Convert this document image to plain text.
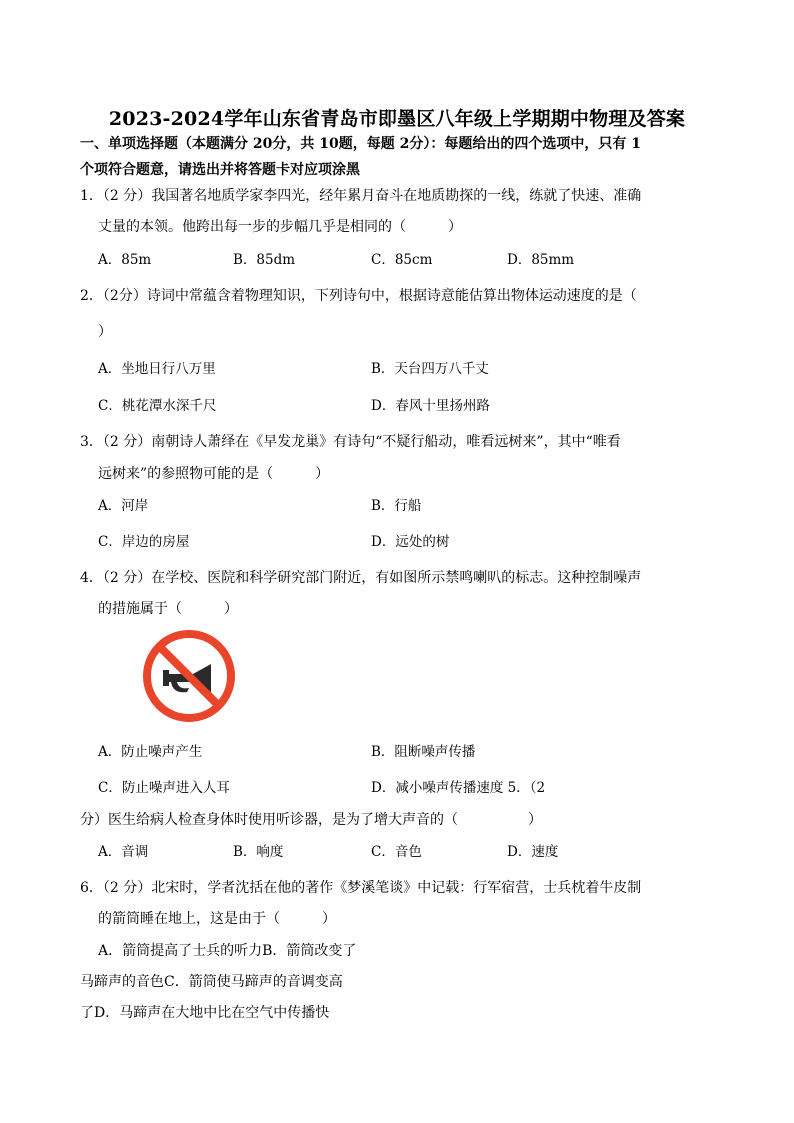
2023-2024学年山东省青岛市即墨区八年级上学期期中物理及答案
一、单项选择题（本题满分 20分，共 10题，每题 2分）：每题给出的四个选项中，只有 1
个项符合题意，请选出并将答题卡对应项涂黑
1．（2 分）我国著名地质学家李四光，经年累月奋斗在地质勘探的一线，练就了快速、准确
丈量的本领。他跨出每一步的步幅几乎是相同的（　　　）
A．85m	B．85dm	C．85cm	D．85mm
2．（2分）诗词中常蕴含着物理知识，下列诗句中，根据诗意能估算出物体运动速度的是（
）
A．坐地日行八万里	B．天台四万八千丈
C．桃花潭水深千尺	D．春风十里扬州路
3．（2 分）南朝诗人萧绎在《早发龙巢》有诗句“不疑行船动，唯看远树来”，其中“唯看
远树来”的参照物可能的是（　　　）
A．河岸	B．行船
C．岸边的房屋	D．远处的树
4．（2 分）在学校、医院和科学研究部门附近，有如图所示禁鸣喇叭的标志。这种控制噪声
的措施属于（　　　）
A．防止噪声产生	B．阻断噪声传播
C．防止噪声进入人耳	D．减小噪声传播速度 5．（2
分）医生给病人检查身体时使用听诊器，是为了增大声音的（　　　　　）
A．音调	B．响度	C．音色	D．速度
6．（2 分）北宋时，学者沈括在他的著作《梦溪笔谈》中记载：行军宿营，士兵枕着牛皮制
的箭筒睡在地上，这是由于（　　　）
A．箭筒提高了士兵的听力B．箭筒改变了
马蹄声的音色C．箭筒使马蹄声的音调变高
了D．马蹄声在大地中比在空气中传播快
